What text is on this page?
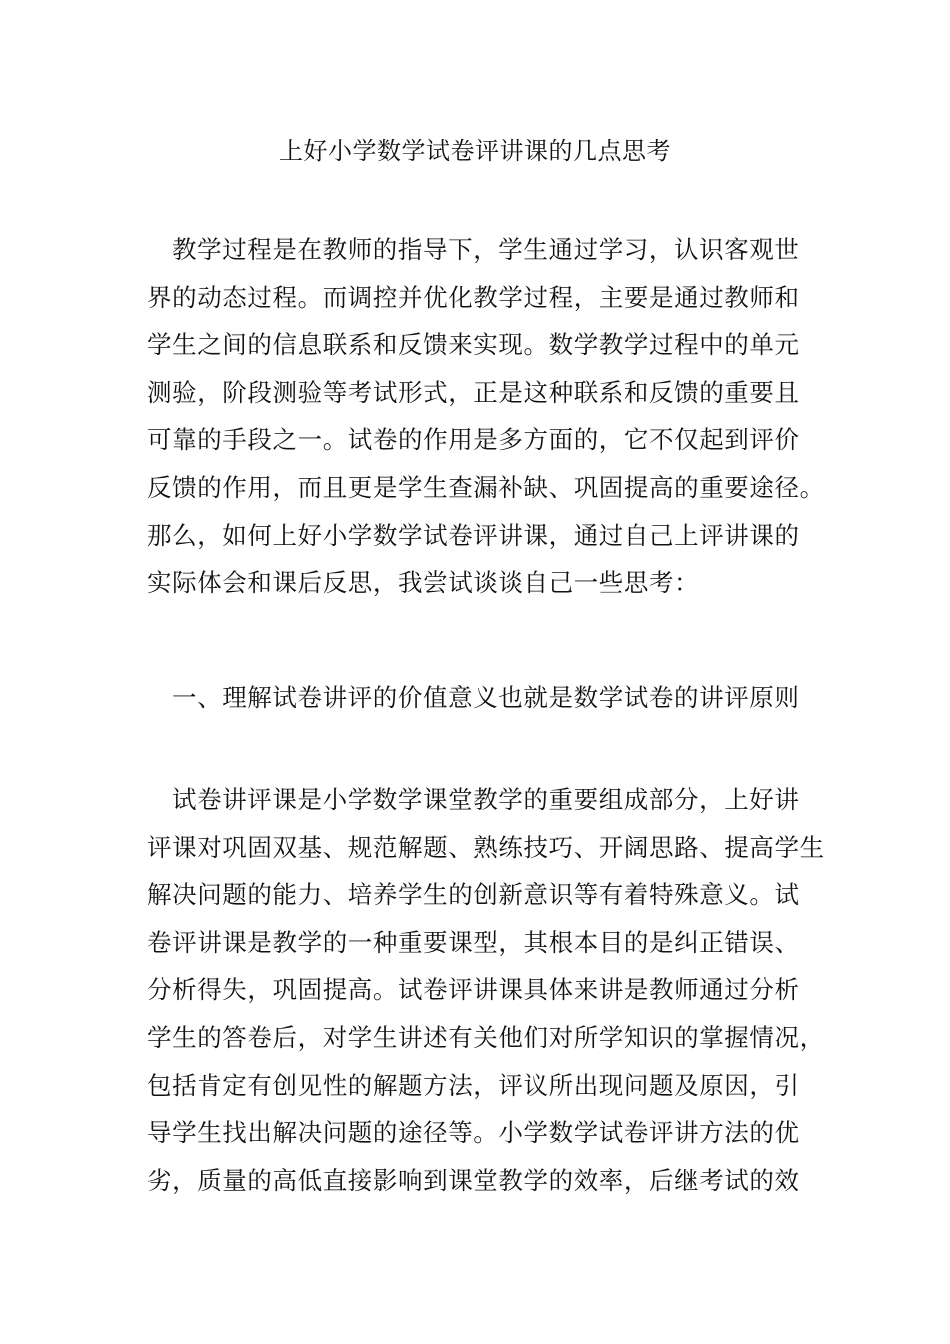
上好小学数学试卷评讲课的几点思考
教学过程是在教师的指导下，学生通过学习，认识客观世
界的动态过程。而调控并优化教学过程，主要是通过教师和
学生之间的信息联系和反馈来实现。数学教学过程中的单元
测验，阶段测验等考试形式，正是这种联系和反馈的重要且
可靠的手段之一。试卷的作用是多方面的，它不仅起到评价
反馈的作用，而且更是学生查漏补缺、巩固提高的重要途径。
那么，如何上好小学数学试卷评讲课，通过自己上评讲课的
实际体会和课后反思，我尝试谈谈自己一些思考：
一、理解试卷讲评的价值意义也就是数学试卷的讲评原则
试卷讲评课是小学数学课堂教学的重要组成部分，上好讲
评课对巩固双基、规范解题、熟练技巧、开阔思路、提高学生
解决问题的能力、培养学生的创新意识等有着特殊意义。试
卷评讲课是教学的一种重要课型，其根本目的是纠正错误、
分析得失，巩固提高。试卷评讲课具体来讲是教师通过分析
学生的答卷后，对学生讲述有关他们对所学知识的掌握情况，
包括肯定有创见性的解题方法，评议所出现问题及原因，引
导学生找出解决问题的途径等。小学数学试卷评讲方法的优
劣，质量的高低直接影响到课堂教学的效率，后继考试的效
